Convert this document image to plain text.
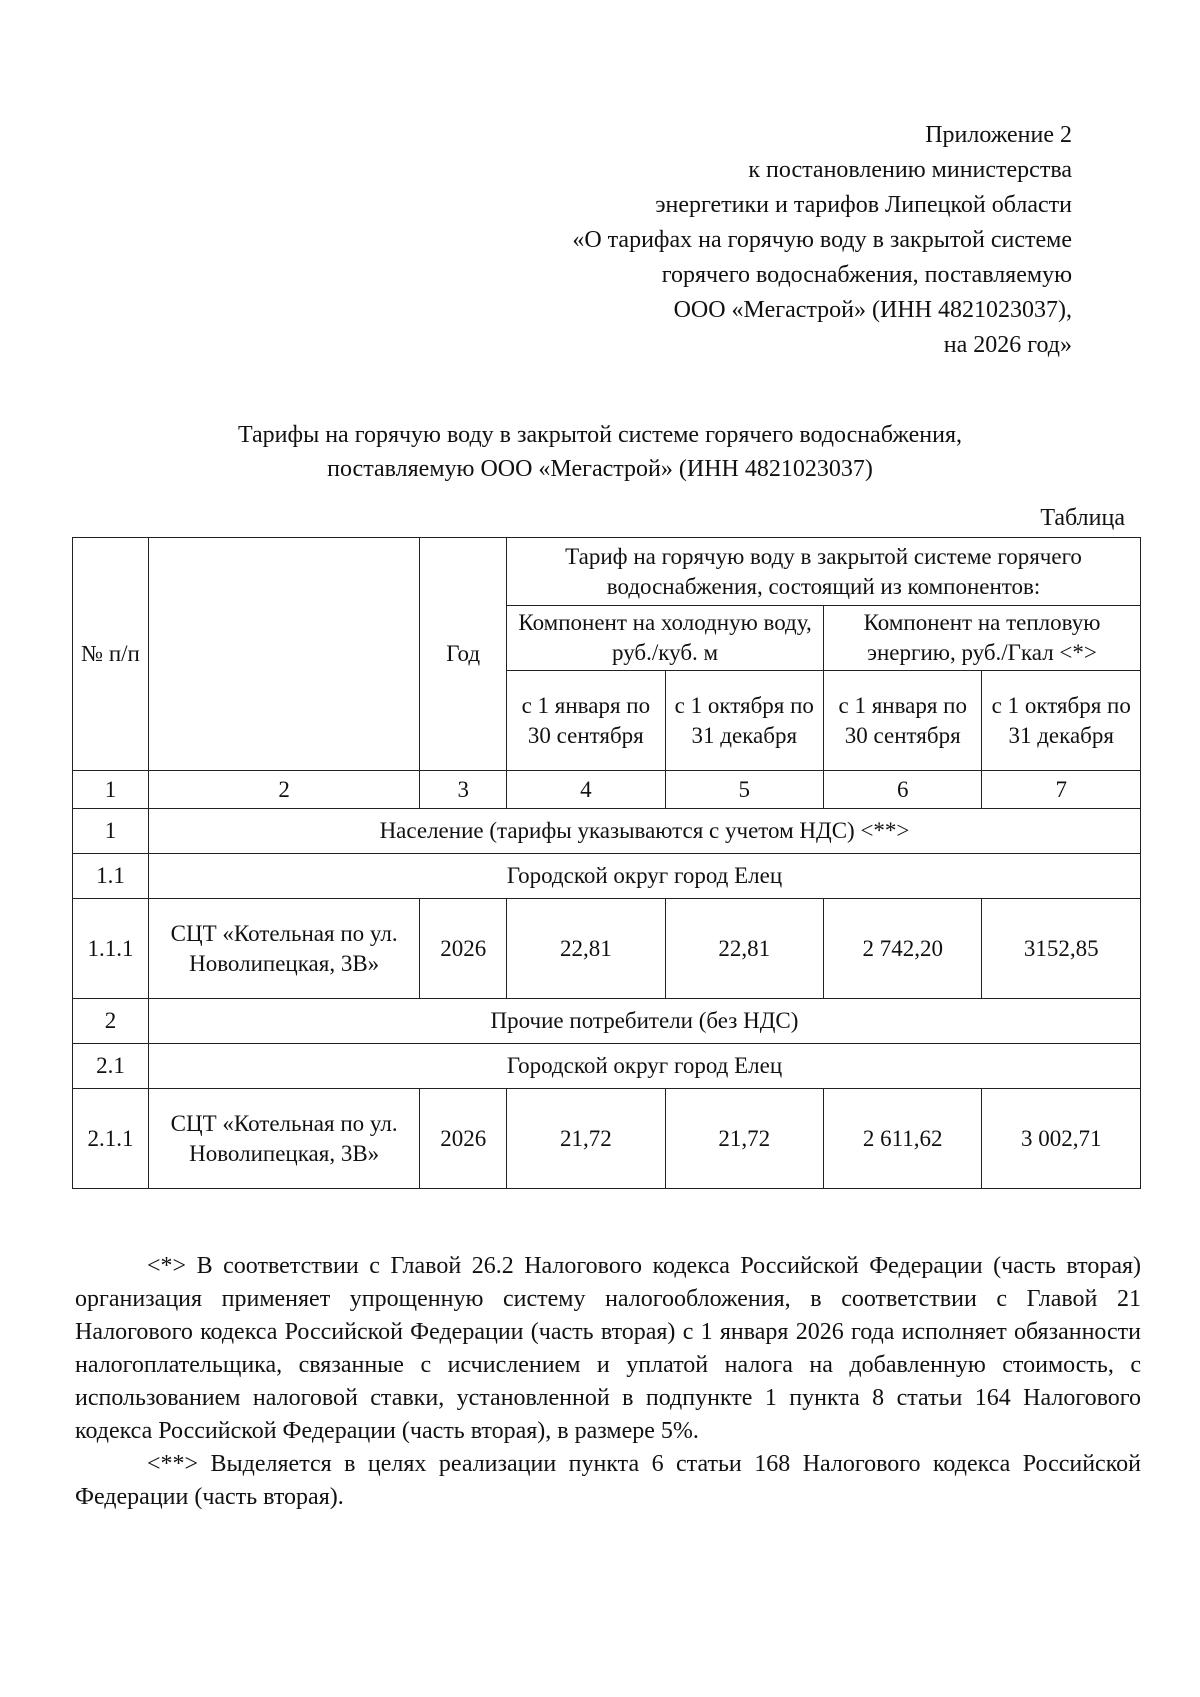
Приложение 2
к постановлению министерства
энергетики и тарифов Липецкой области
«О тарифах на горячую воду в закрытой системе
горячего водоснабжения, поставляемую
ООО «Мегастрой» (ИНН 4821023037),
на 2026 год»
Тарифы на горячую воду в закрытой системе горячего водоснабжения,
поставляемую ООО «Мегастрой» (ИНН 4821023037)
Таблица
№ п/п		Год	Тариф на горячую воду в закрытой системе горячего водоснабжения, состоящий из компонентов:			
			Компонент на холодную воду, руб./куб. м		Компонент на тепловую энергию, руб./Гкал <*>	
			с 1 января по 30 сентября	с 1 октября по 31 декабря	с 1 января по 30 сентября	с 1 октября по 31 декабря
1	2	3	4	5	6	7
1	Население (тарифы указываются с учетом НДС) <**>					
1.1	Городской округ город Елец					
1.1.1	СЦТ «Котельная по ул. Новолипецкая, 3В»	2026	22,81	22,81	2 742,20	3152,85
2	Прочие потребители (без НДС)					
2.1	Городской округ город Елец					
2.1.1	СЦТ «Котельная по ул. Новолипецкая, 3В»	2026	21,72	21,72	2 611,62	3 002,71

<*> В соответствии с Главой 26.2 Налогового кодекса Российской Федерации (часть вторая) организация применяет упрощенную систему налогообложения, в соответствии с Главой 21 Налогового кодекса Российской Федерации (часть вторая) с 1 января 2026 года исполняет обязанности налогоплательщика, связанные с исчислением и уплатой налога на добавленную стоимость, с использованием налоговой ставки, установленной в подпункте 1 пункта 8 статьи 164 Налогового кодекса Российской Федерации (часть вторая), в размере 5%.

<**> Выделяется в целях реализации пункта 6 статьи 168 Налогового кодекса Российской Федерации (часть вторая).
